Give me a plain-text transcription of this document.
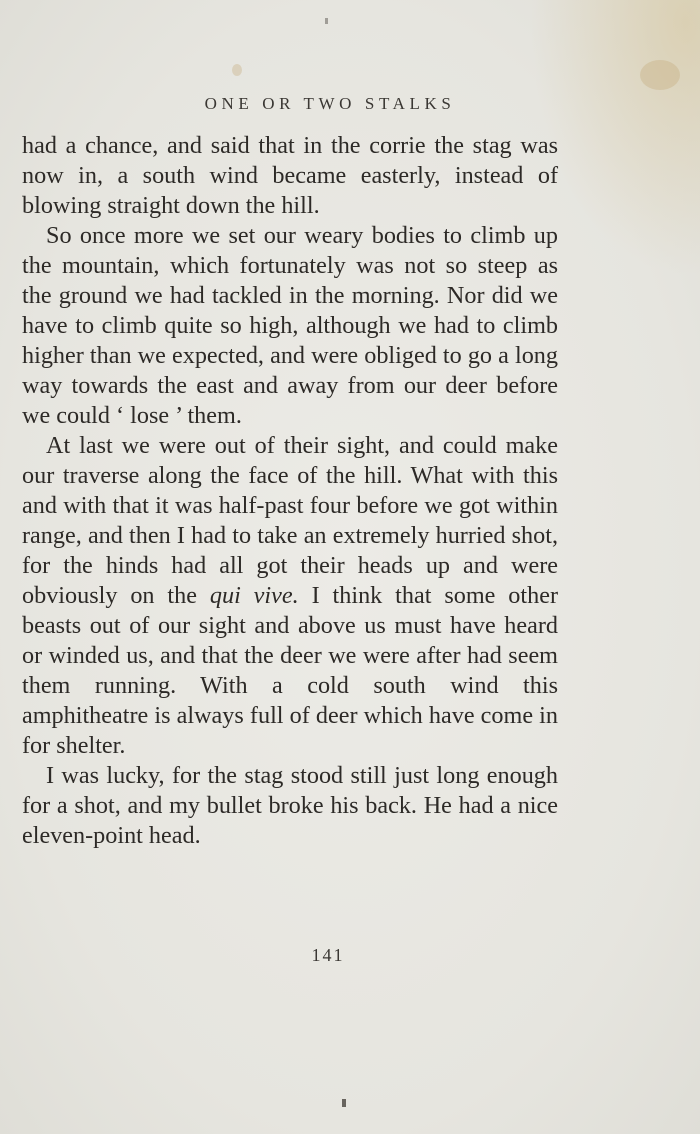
ONE OR TWO STALKS

had a chance, and said that in the corrie the stag was now in, a south wind became easterly, instead of blowing straight down the hill.

So once more we set our weary bodies to climb up the mountain, which fortunately was not so steep as the ground we had tackled in the morning. Nor did we have to climb quite so high, although we had to climb higher than we expected, and were obliged to go a long way towards the east and away from our deer before we could ‘ lose ’ them.

At last we were out of their sight, and could make our traverse along the face of the hill. What with this and with that it was half-past four before we got within range, and then I had to take an extremely hurried shot, for the hinds had all got their heads up and were obviously on the qui vive. I think that some other beasts out of our sight and above us must have heard or winded us, and that the deer we were after had seem them running. With a cold south wind this amphitheatre is always full of deer which have come in for shelter.

I was lucky, for the stag stood still just long enough for a shot, and my bullet broke his back. He had a nice eleven-point head.

141
